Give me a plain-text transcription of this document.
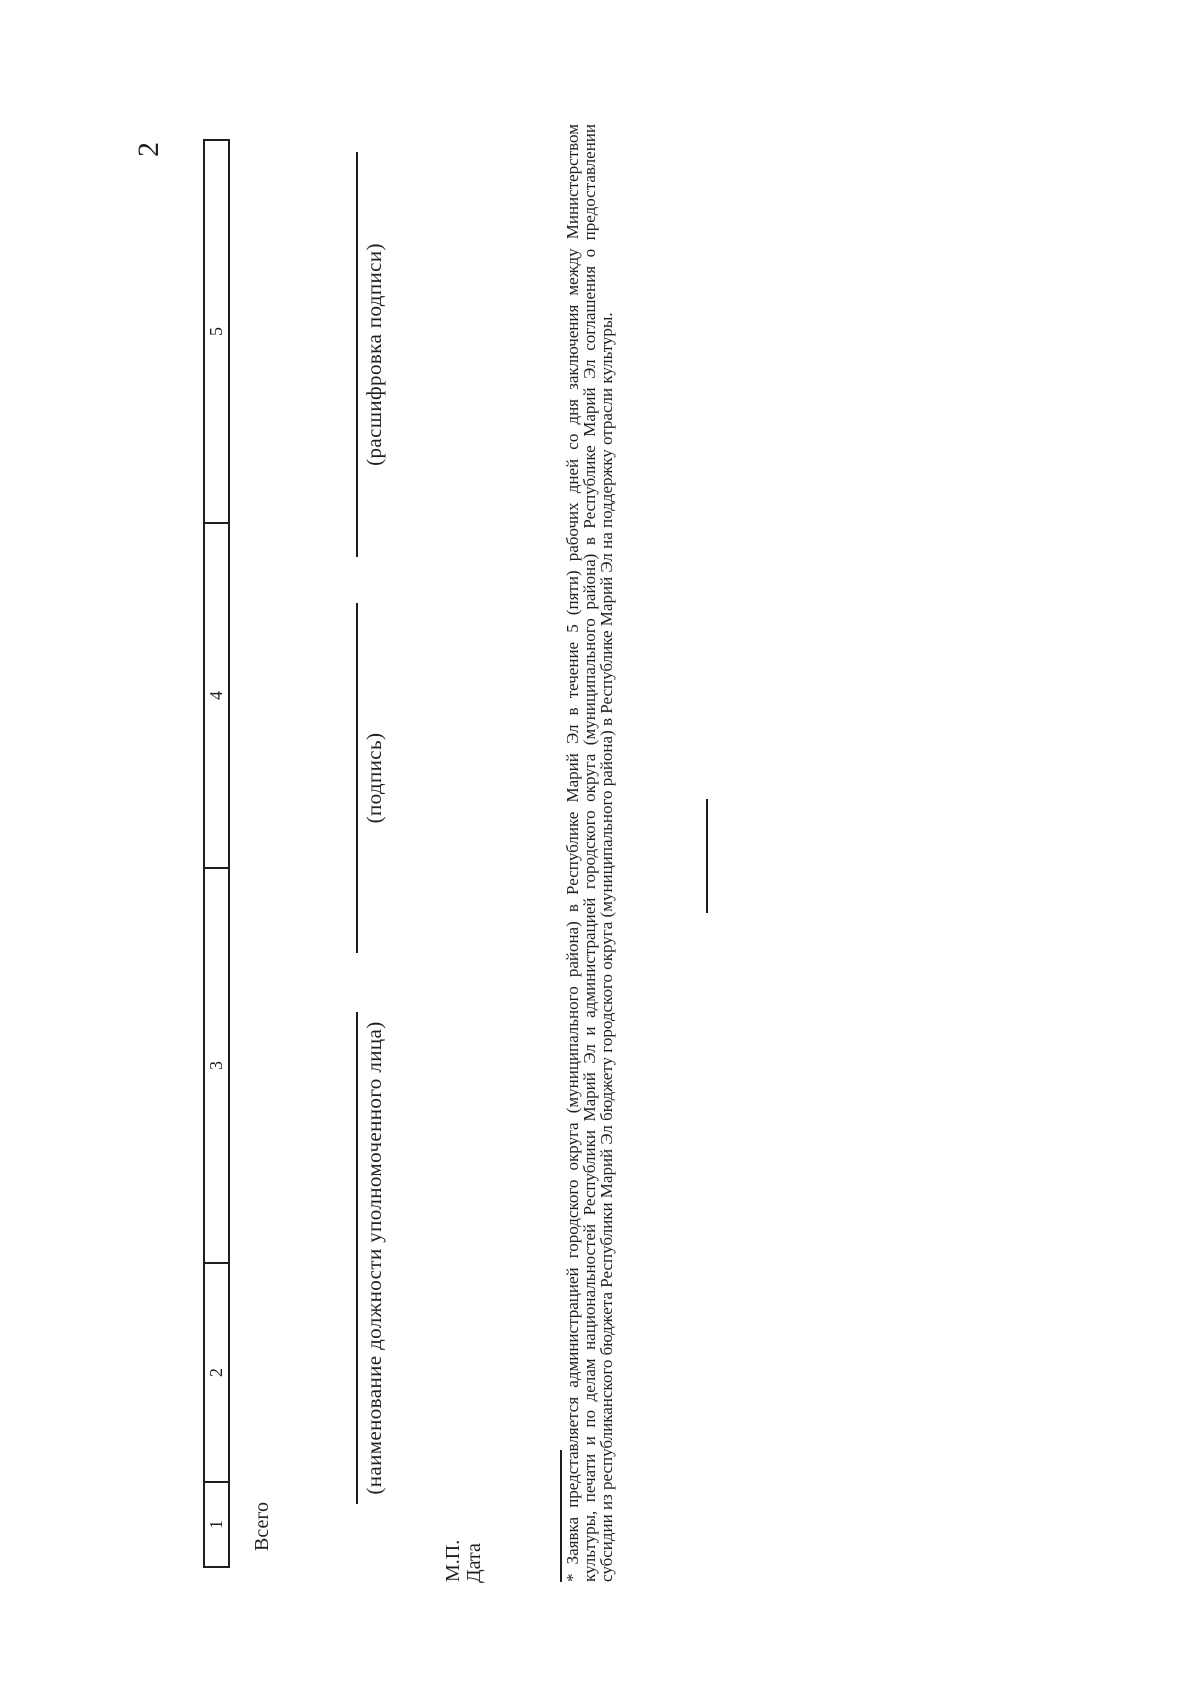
2
1
2
3
4
5
Всего
(наименование должности уполномоченного лица)
(подпись)
(расшифровка подписи)
М.П. Дата	* Заявка представляется администрацией городского округа (муниципального района) в Республике Марий Эл в течение 5 (пяти) рабочих дней со дня заключения между Министерством
культуры, печати и по делам национальностей Республики Марий Эл и администрацией городского округа (муниципального района) в Республике Марий Эл соглашения о предоставлении
субсидии из республиканского бюджета Республики Марий Эл бюджету городского округа (муниципального района) в Республике Марий Эл на поддержку отрасли культуры.
